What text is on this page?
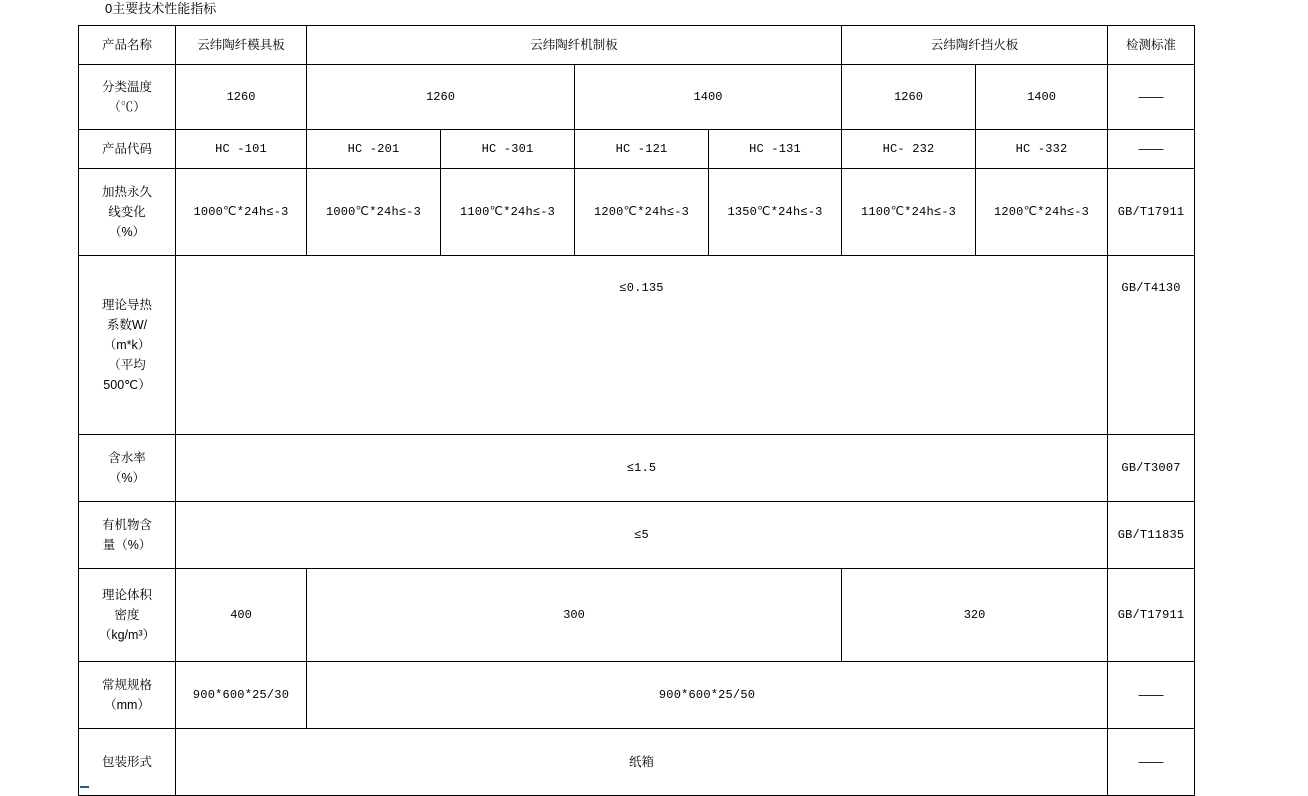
0主要技术性能指标
产品名称	云纬陶纤模具板	云纬陶纤机制板				云纬陶纤挡火板		检测标准

分类温度
（℃）	1260	1260		1400		1260	1400	——
产品代码	HC -101	HC -201	HC -301	HC -121	HC -131	HC- 232	HC -332	——

加热永久
线变化
（%）	1000℃*24h≤-3	1000℃*24h≤-3	1100℃*24h≤-3	1200℃*24h≤-3	1350℃*24h≤-3	1100℃*24h≤-3	1200℃*24h≤-3	GB/T17911

理论导热
系数W/
（m*k）
（平均
500℃）	≤0.135							GB/T4130

含水率
（%）	≤1.5							GB/T3007

有机物含
量（%）	≤5							GB/T11835

理论体积
密度
（kg/m³）	400	300				320		GB/T17911

常规规格
（mm）	900*600*25/30	900*600*25/50						——
包装形式	纸箱							——
